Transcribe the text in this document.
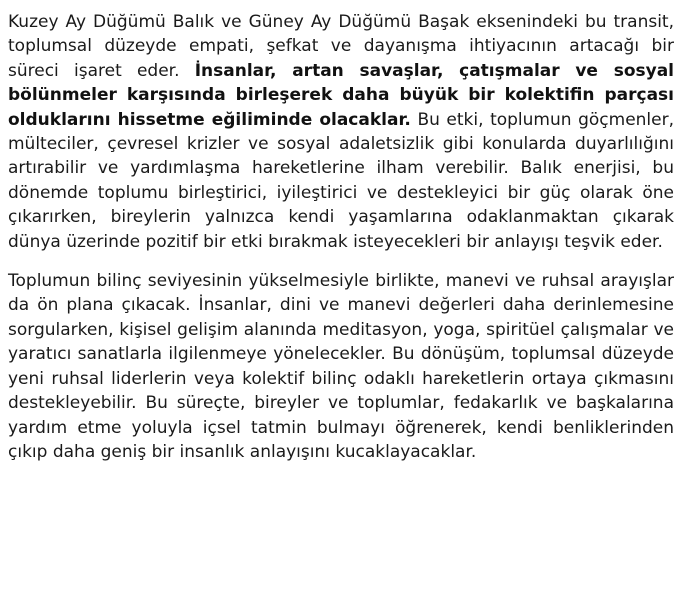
Kuzey Ay Düğümü Balık ve Güney Ay Düğümü Başak eksenindeki bu transit, toplumsal düzeyde empati, şefkat ve dayanışma ihtiyacının artacağı bir süreci işaret eder. İnsanlar, artan savaşlar, çatışmalar ve sosyal bölünmeler karşısında birleşerek daha büyük bir kolektifin parçası olduklarını hissetme eğiliminde olacaklar. Bu etki, toplumun göçmenler, mülteciler, çevresel krizler ve sosyal adaletsizlik gibi konularda duyarlılığını artırabilir ve yardımlaşma hareketlerine ilham verebilir. Balık enerjisi, bu dönemde toplumu birleştirici, iyileştirici ve destekleyici bir güç olarak öne çıkarırken, bireylerin yalnızca kendi yaşamlarına odaklanmaktan çıkarak dünya üzerinde pozitif bir etki bırakmak isteyecekleri bir anlayışı teşvik eder.

Toplumun bilinç seviyesinin yükselmesiyle birlikte, manevi ve ruhsal arayışlar da ön plana çıkacak. İnsanlar, dini ve manevi değerleri daha derinlemesine sorgularken, kişisel gelişim alanında meditasyon, yoga, spiritüel çalışmalar ve yaratıcı sanatlarla ilgilenmeye yönelecekler. Bu dönüşüm, toplumsal düzeyde yeni ruhsal liderlerin veya kolektif bilinç odaklı hareketlerin ortaya çıkmasını destekleyebilir. Bu süreçte, bireyler ve toplumlar, fedakarlık ve başkalarına yardım etme yoluyla içsel tatmin bulmayı öğrenerek, kendi benliklerinden çıkıp daha geniş bir insanlık anlayışını kucaklayacaklar.
